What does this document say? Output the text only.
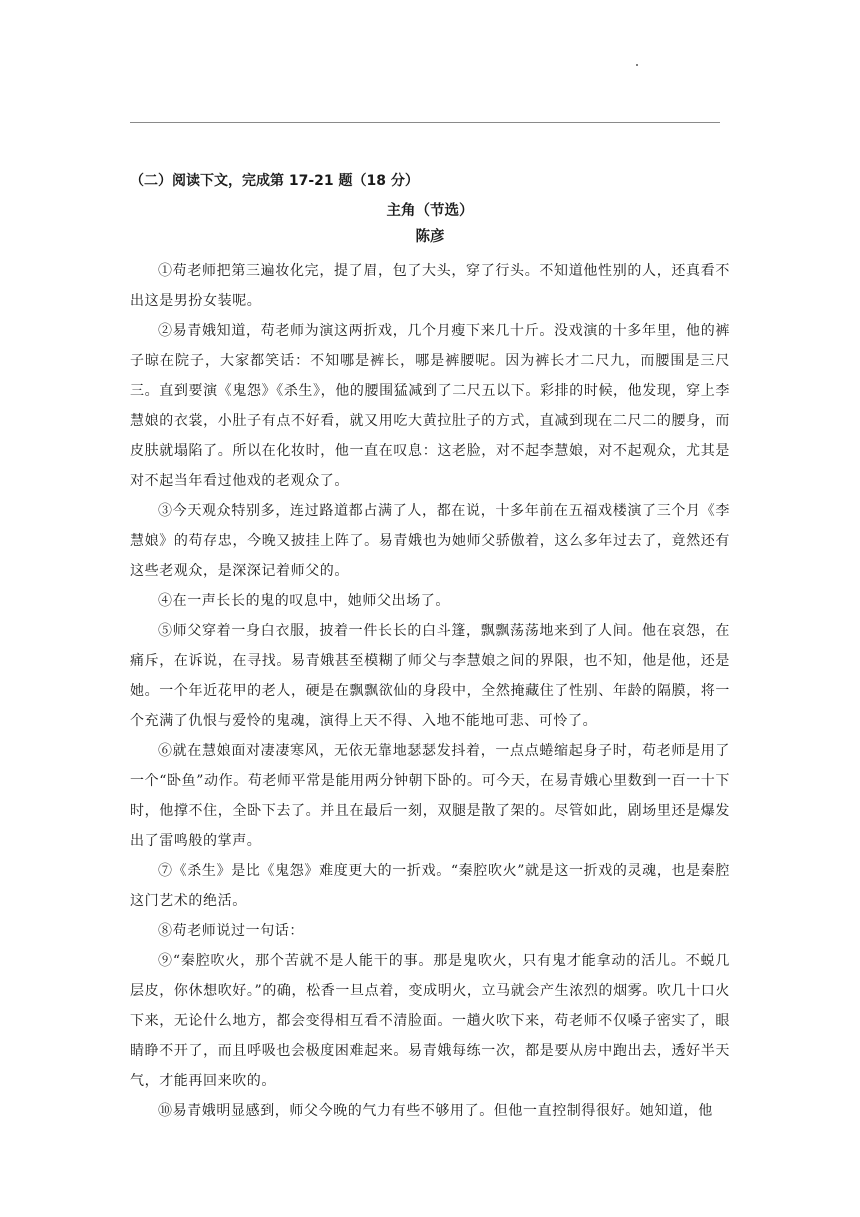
（二）阅读下文，完成第 17-21 题（18 分）
主角（节选）
陈彦

①苟老师把第三遍妆化完，提了眉，包了大头，穿了行头。不知道他性别的人，还真看不出这是男扮女装呢。

②易青娥知道，苟老师为演这两折戏，几个月瘦下来几十斤。没戏演的十多年里，他的裤子晾在院子，大家都笑话：不知哪是裤长，哪是裤腰呢。因为裤长才二尺九，而腰围是三尺三。直到要演《鬼怨》《杀生》，他的腰围猛减到了二尺五以下。彩排的时候，他发现，穿上李慧娘的衣裳，小肚子有点不好看，就又用吃大黄拉肚子的方式，直减到现在二尺二的腰身，而皮肤就塌陷了。所以在化妆时，他一直在叹息：这老脸，对不起李慧娘，对不起观众，尤其是对不起当年看过他戏的老观众了。

③今天观众特别多，连过路道都占满了人，都在说，十多年前在五福戏楼演了三个月《李慧娘》的苟存忠，今晚又披挂上阵了。易青娥也为她师父骄傲着，这么多年过去了，竟然还有这些老观众，是深深记着师父的。

④在一声长长的鬼的叹息中，她师父出场了。

⑤师父穿着一身白衣服，披着一件长长的白斗篷，飘飘荡荡地来到了人间。他在哀怨，在痛斥，在诉说，在寻找。易青娥甚至模糊了师父与李慧娘之间的界限，也不知，他是他，还是她。一个年近花甲的老人，硬是在飘飘欲仙的身段中，全然掩藏住了性别、年龄的隔膜，将一个充满了仇恨与爱怜的鬼魂，演得上天不得、入地不能地可悲、可怜了。

⑥就在慧娘面对凄凄寒风，无依无靠地瑟瑟发抖着，一点点蜷缩起身子时，苟老师是用了一个“卧鱼”动作。苟老师平常是能用两分钟朝下卧的。可今天，在易青娥心里数到一百一十下时，他撑不住，全卧下去了。并且在最后一刻，双腿是散了架的。尽管如此，剧场里还是爆发出了雷鸣般的掌声。

⑦《杀生》是比《鬼怨》难度更大的一折戏。“秦腔吹火”就是这一折戏的灵魂，也是秦腔这门艺术的绝活。

⑧苟老师说过一句话：

⑨“秦腔吹火，那个苦就不是人能干的事。那是鬼吹火，只有鬼才能拿动的活儿。不蜕几层皮，你休想吹好。”的确，松香一旦点着，变成明火，立马就会产生浓烈的烟雾。吹几十口火下来，无论什么地方，都会变得相互看不清脸面。一趟火吹下来，苟老师不仅嗓子密实了，眼睛睁不开了，而且呼吸也会极度困难起来。易青娥每练一次，都是要从房中跑出去，透好半天气，才能再回来吹的。

⑩易青娥明显感到，师父今晚的气力有些不够用了。但他一直控制得很好。她知道，他
